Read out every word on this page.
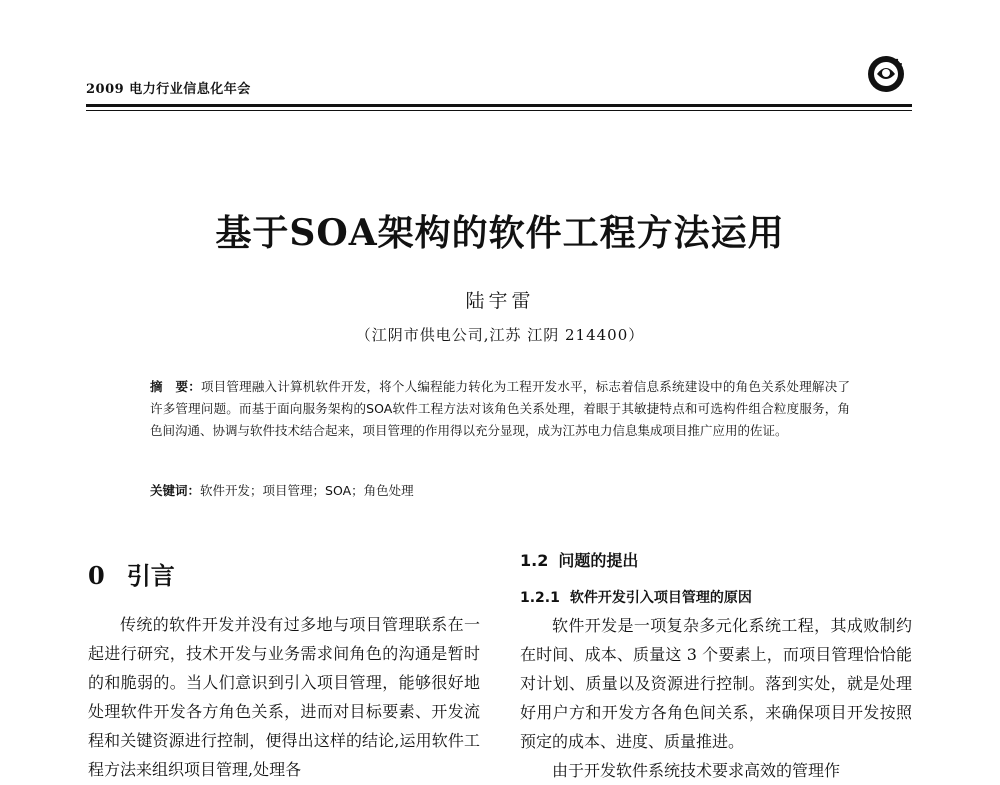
2009 电力行业信息化年会
基于SOA架构的软件工程方法运用
陆宇雷
（江阴市供电公司,江苏 江阴 214400）
摘　要：项目管理融入计算机软件开发，将个人编程能力转化为工程开发水平，标志着信息系统建设中的角色关系处理解决了许多管理问题。而基于面向服务架构的SOA软件工程方法对该角色关系处理，着眼于其敏捷特点和可选构件组合粒度服务，角色间沟通、协调与软件技术结合起来，项目管理的作用得以充分显现，成为江苏电力信息集成项目推广应用的佐证。
关键词：软件开发；项目管理；SOA；角色处理
0 引言

传统的软件开发并没有过多地与项目管理联系在一起进行研究，技术开发与业务需求间角色的沟通是暂时的和脆弱的。当人们意识到引入项目管理，能够很好地处理软件开发各方角色关系，进而对目标要素、开发流程和关键资源进行控制，便得出这样的结论,运用软件工程方法来组织项目管理,处理各

1.2 问题的提出
1.2.1 软件开发引入项目管理的原因

软件开发是一项复杂多元化系统工程，其成败制约在时间、成本、质量这 3 个要素上，而项目管理恰恰能对计划、质量以及资源进行控制。落到实处，就是处理好用户方和开发方各角色间关系，来确保项目开发按照预定的成本、进度、质量推进。

由于开发软件系统技术要求高效的管理作
